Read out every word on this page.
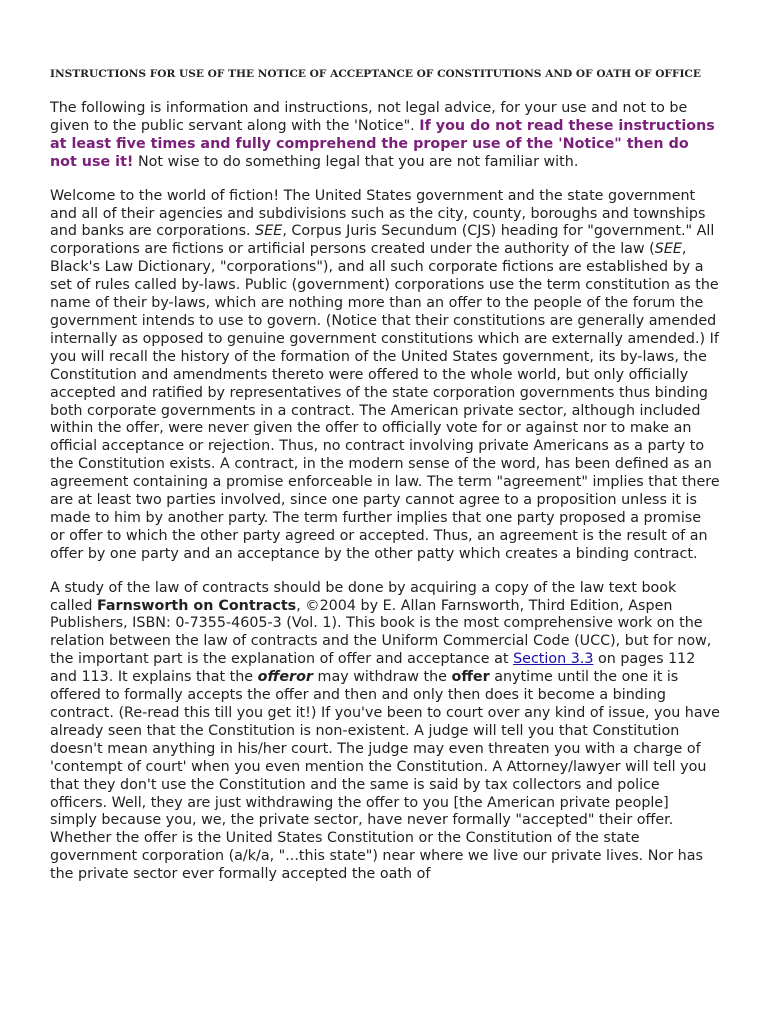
INSTRUCTIONS FOR USE OF THE NOTICE OF ACCEPTANCE OF CONSTITUTIONS AND OF OATH OF OFFICE

The following is information and instructions, not legal advice, for your use and not to be given to the public servant along with the 'Notice". If you do not read these instructions at least five times and fully comprehend the proper use of the 'Notice" then do not use it! Not wise to do something legal that you are not familiar with.

Welcome to the world of fiction! The United States government and the state government and all of their agencies and subdivisions such as the city, county, boroughs and townships and banks are corporations. SEE, Corpus Juris Secundum (CJS) heading for "government." All corporations are fictions or artificial persons created under the authority of the law (SEE, Black's Law Dictionary, "corporations"), and all such corporate fictions are established by a set of rules called by-laws. Public (government) corporations use the term constitution as the name of their by-laws, which are nothing more than an offer to the people of the forum the government intends to use to govern. (Notice that their constitutions are generally amended internally as opposed to genuine government constitutions which are externally amended.) If you will recall the history of the formation of the United States government, its by-laws, the Constitution and amendments thereto were offered to the whole world, but only officially accepted and ratified by representatives of the state corporation governments thus binding both corporate governments in a contract. The American private sector, although included within the offer, were never given the offer to officially vote for or against nor to make an official acceptance or rejection. Thus, no contract involving private Americans as a party to the Constitution exists. A contract, in the modern sense of the word, has been defined as an agreement containing a promise enforceable in law. The term "agreement" implies that there are at least two parties involved, since one party cannot agree to a proposition unless it is made to him by another party. The term further implies that one party proposed a promise or offer to which the other party agreed or accepted. Thus, an agreement is the result of an offer by one party and an acceptance by the other patty which creates a binding contract.

A study of the law of contracts should be done by acquiring a copy of the law text book called Farnsworth on Contracts, ©2004 by E. Allan Farnsworth, Third Edition, Aspen Publishers, ISBN: 0-7355-4605-3 (Vol. 1). This book is the most comprehensive work on the relation between the law of contracts and the Uniform Commercial Code (UCC), but for now, the important part is the explanation of offer and acceptance at Section 3.3 on pages 112 and 113. It explains that the offeror may withdraw the offer anytime until the one it is offered to formally accepts the offer and then and only then does it become a binding contract. (Re-read this till you get it!) If you've been to court over any kind of issue, you have already seen that the Constitution is non-existent. A judge will tell you that Constitution doesn't mean anything in his/her court. The judge may even threaten you with a charge of 'contempt of court' when you even mention the Constitution. A Attorney/lawyer will tell you that they don't use the Constitution and the same is said by tax collectors and police officers. Well, they are just withdrawing the offer to you [the American private people] simply because you, we, the private sector, have never formally "accepted" their offer. Whether the offer is the United States Constitution or the Constitution of the state government corporation (a/k/a, "...this state") near where we live our private lives. Nor has the private sector ever formally accepted the oath of
